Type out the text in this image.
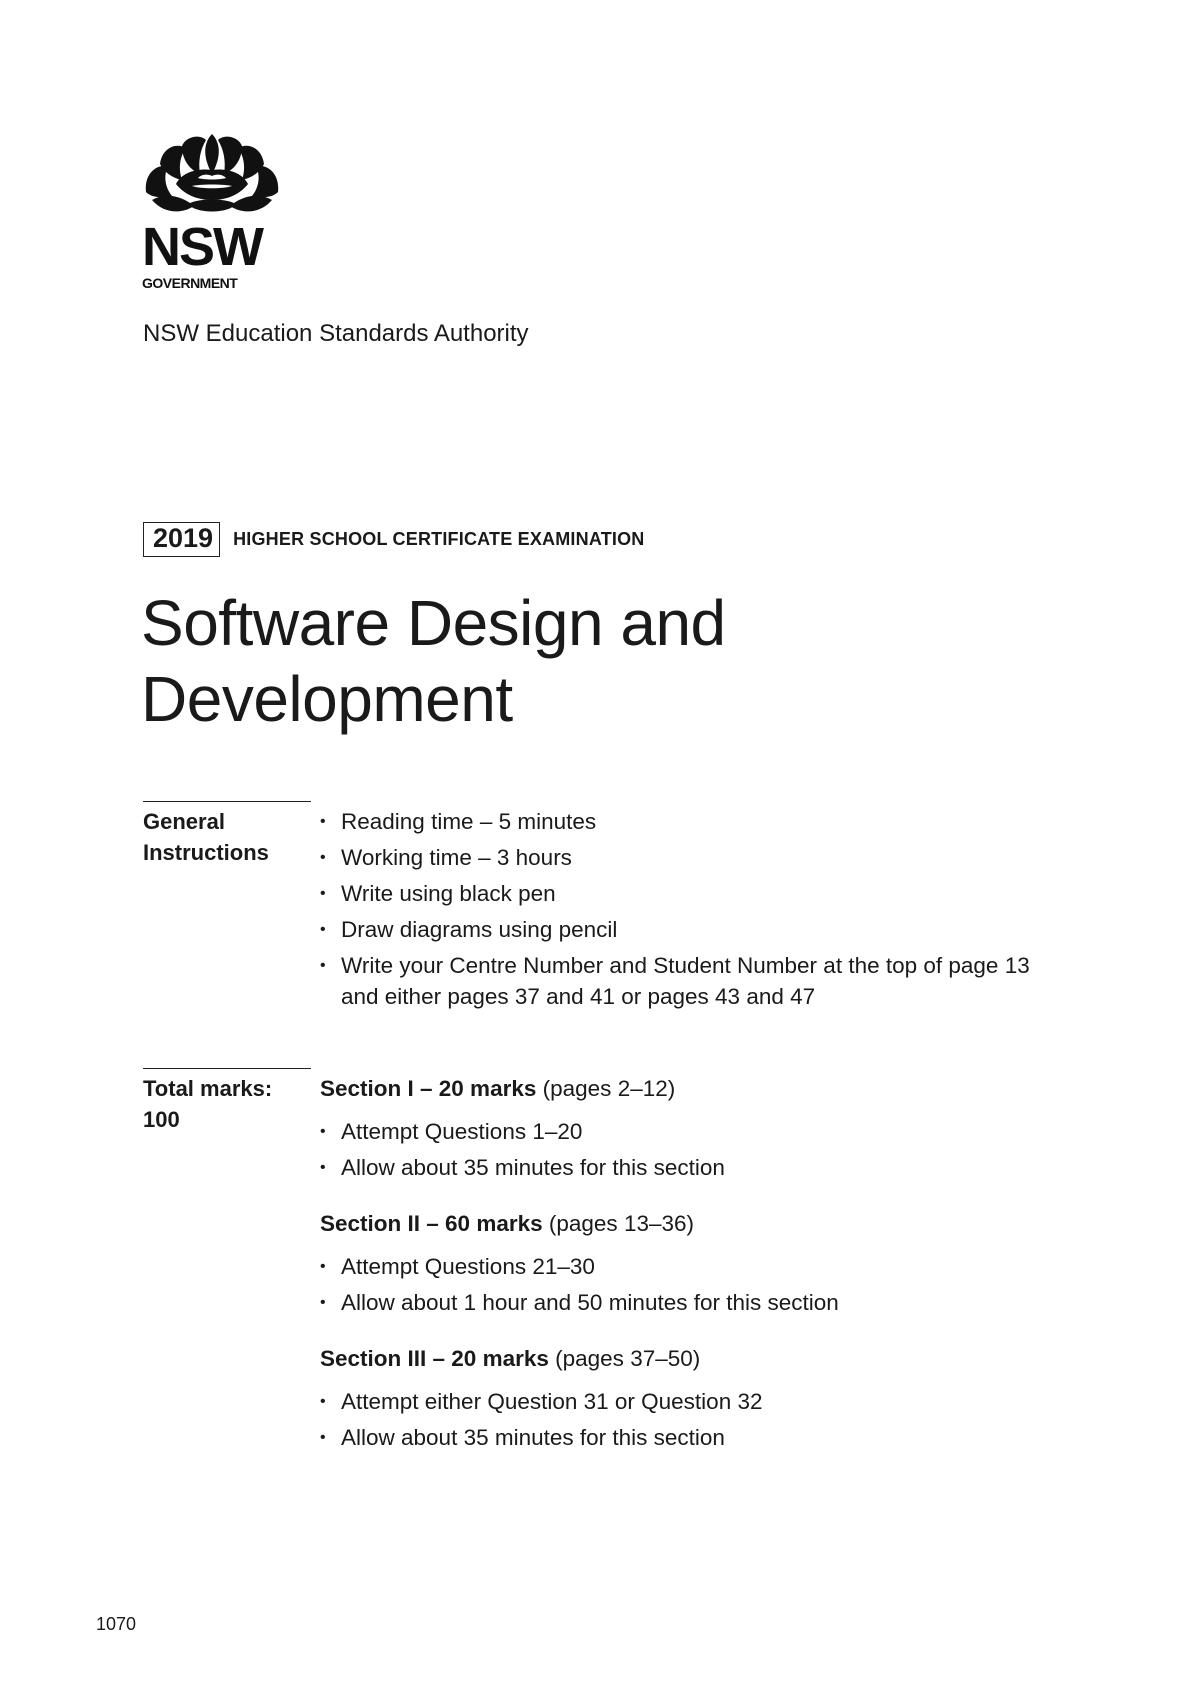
NSW
GOVERNMENT
NSW Education Standards Authority
2019	HIGHER SCHOOL CERTIFICATE EXAMINATION
Software Design and
Development
General
Instructions
• Reading time – 5 minutes
• Working time – 3 hours
• Write using black pen
• Draw diagrams using pencil
• Write your Centre Number and Student Number at the top of page 13 and either pages 37 and 41 or pages 43 and 47
Total marks:
100
Section I – 20 marks (pages 2–12)
• Attempt Questions 1–20
• Allow about 35 minutes for this section
Section II – 60 marks (pages 13–36)
• Attempt Questions 21–30
• Allow about 1 hour and 50 minutes for this section
Section III – 20 marks (pages 37–50)
• Attempt either Question 31 or Question 32
• Allow about 35 minutes for this section
1070
